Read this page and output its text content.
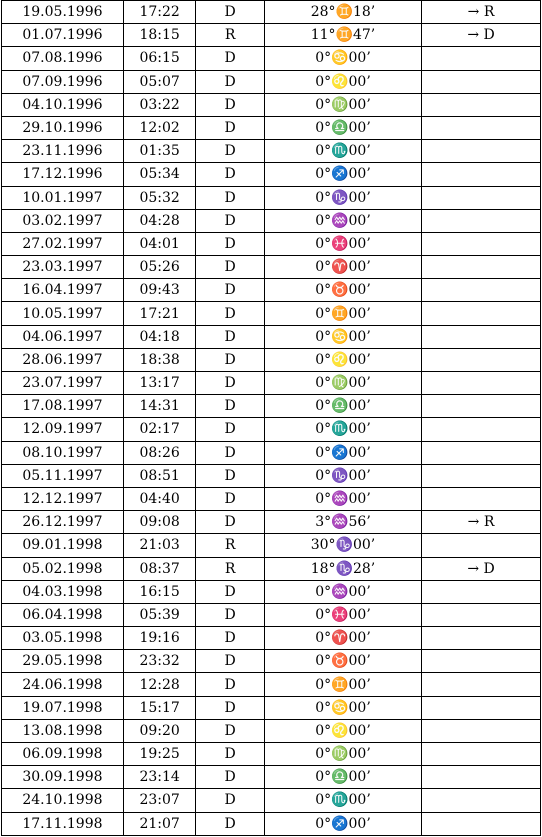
19.05.1996	17:22	D	28°♊18’	→ R
01.07.1996	18:15	R	11°♊47’	→ D
07.08.1996	06:15	D	0°♋00’	
07.09.1996	05:07	D	0°♌00’	
04.10.1996	03:22	D	0°♍00’	
29.10.1996	12:02	D	0°♎00’	
23.11.1996	01:35	D	0°♏00’	
17.12.1996	05:34	D	0°♐00’	
10.01.1997	05:32	D	0°♑00’	
03.02.1997	04:28	D	0°♒00’	
27.02.1997	04:01	D	0°♓00’	
23.03.1997	05:26	D	0°♈00’	
16.04.1997	09:43	D	0°♉00’	
10.05.1997	17:21	D	0°♊00’	
04.06.1997	04:18	D	0°♋00’	
28.06.1997	18:38	D	0°♌00’	
23.07.1997	13:17	D	0°♍00’	
17.08.1997	14:31	D	0°♎00’	
12.09.1997	02:17	D	0°♏00’	
08.10.1997	08:26	D	0°♐00’	
05.11.1997	08:51	D	0°♑00’	
12.12.1997	04:40	D	0°♒00’	
26.12.1997	09:08	D	3°♒56’	→ R
09.01.1998	21:03	R	30°♑00’	
05.02.1998	08:37	R	18°♑28’	→ D
04.03.1998	16:15	D	0°♒00’	
06.04.1998	05:39	D	0°♓00’	
03.05.1998	19:16	D	0°♈00’	
29.05.1998	23:32	D	0°♉00’	
24.06.1998	12:28	D	0°♊00’	
19.07.1998	15:17	D	0°♋00’	
13.08.1998	09:20	D	0°♌00’	
06.09.1998	19:25	D	0°♍00’	
30.09.1998	23:14	D	0°♎00’	
24.10.1998	23:07	D	0°♏00’	
17.11.1998	21:07	D	0°♐00’	
